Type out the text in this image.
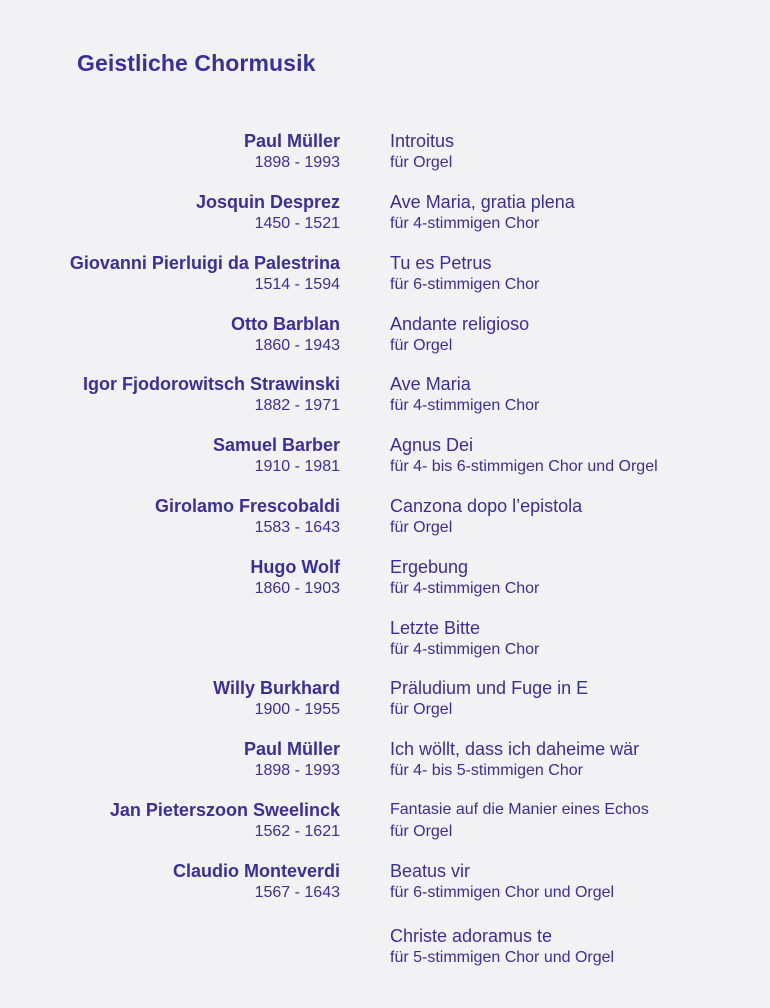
Geistliche Chormusik
Paul Müller
1898 - 1993
Introitus
für Orgel
Josquin Desprez
1450 - 1521
Ave Maria, gratia plena
für 4-stimmigen Chor
Giovanni Pierluigi da Palestrina
1514 - 1594
Tu es Petrus
für 6-stimmigen Chor
Otto Barblan
1860 - 1943
Andante religioso
für Orgel
Igor Fjodorowitsch Strawinski
1882 - 1971
Ave Maria
für 4-stimmigen Chor
Samuel Barber
1910 - 1981
Agnus Dei
für 4- bis 6-stimmigen Chor und Orgel
Girolamo Frescobaldi
1583 - 1643
Canzona dopo l’epistola
für Orgel
Hugo Wolf
1860 - 1903
Ergebung
für 4-stimmigen Chor
Letzte Bitte
für 4-stimmigen Chor
Willy Burkhard
1900 - 1955
Präludium und Fuge in E
für Orgel
Paul Müller
1898 - 1993
Ich wöllt, dass ich daheime wär
für 4- bis 5-stimmigen Chor
Jan Pieterszoon Sweelinck
1562 - 1621
Fantasie auf die Manier eines Echos
für Orgel
Claudio Monteverdi
1567 - 1643
Beatus vir
für 6-stimmigen Chor und Orgel
Christe adoramus te
für 5-stimmigen Chor und Orgel
